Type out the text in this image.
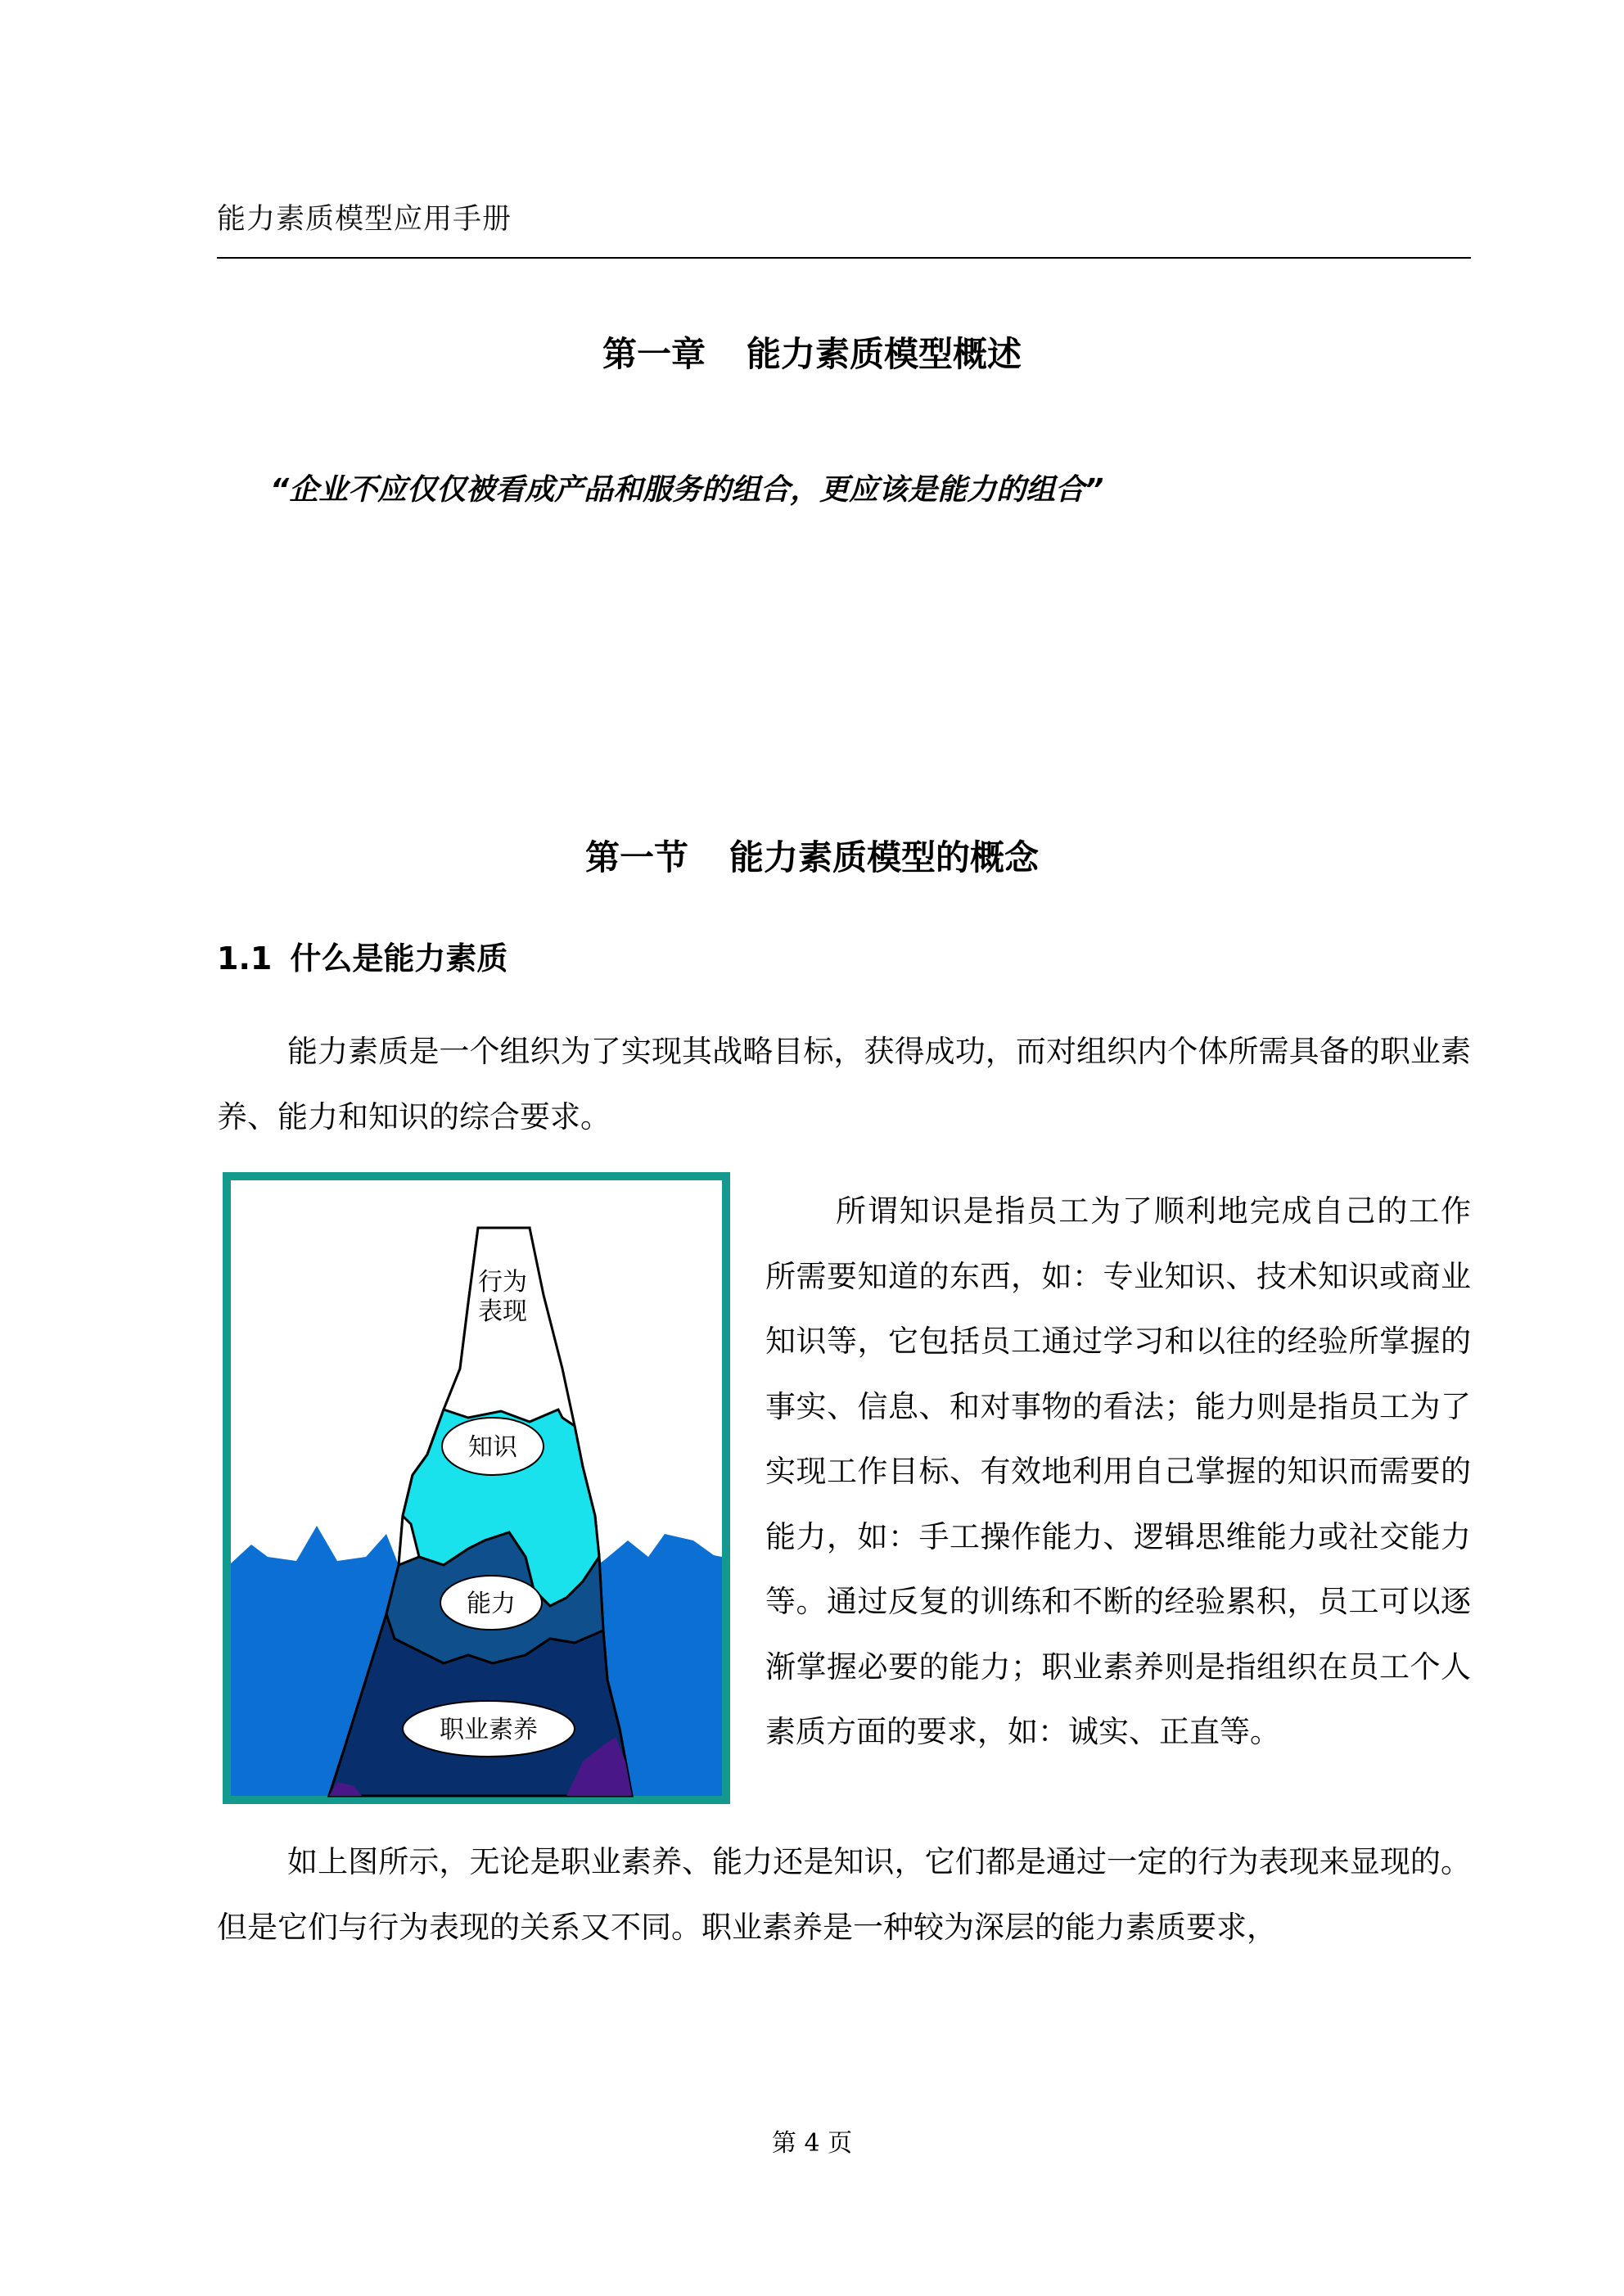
能力素质模型应用手册
第一章 能力素质模型概述
“企业不应仅仅被看成产品和服务的组合，更应该是能力的组合”
第一节 能力素质模型的概念
1.1 什么是能力素质

能力素质是一个组织为了实现其战略目标，获得成功，而对组织内个体所需具备的职业素养、能力和知识的综合要求。

行为
表现
知识
能力
职业素养

所谓知识是指员工为了顺利地完成自己的工作所需要知道的东西，如：专业知识、技术知识或商业知识等，它包括员工通过学习和以往的经验所掌握的事实、信息、和对事物的看法；能力则是指员工为了实现工作目标、有效地利用自己掌握的知识而需要的能力，如：手工操作能力、逻辑思维能力或社交能力等。通过反复的训练和不断的经验累积，员工可以逐渐掌握必要的能力；职业素养则是指组织在员工个人素质方面的要求，如：诚实、正直等。

如上图所示，无论是职业素养、能力还是知识，它们都是通过一定的行为表现来显现的。但是它们与行为表现的关系又不同。职业素养是一种较为深层的能力素质要求，

第 4 页
